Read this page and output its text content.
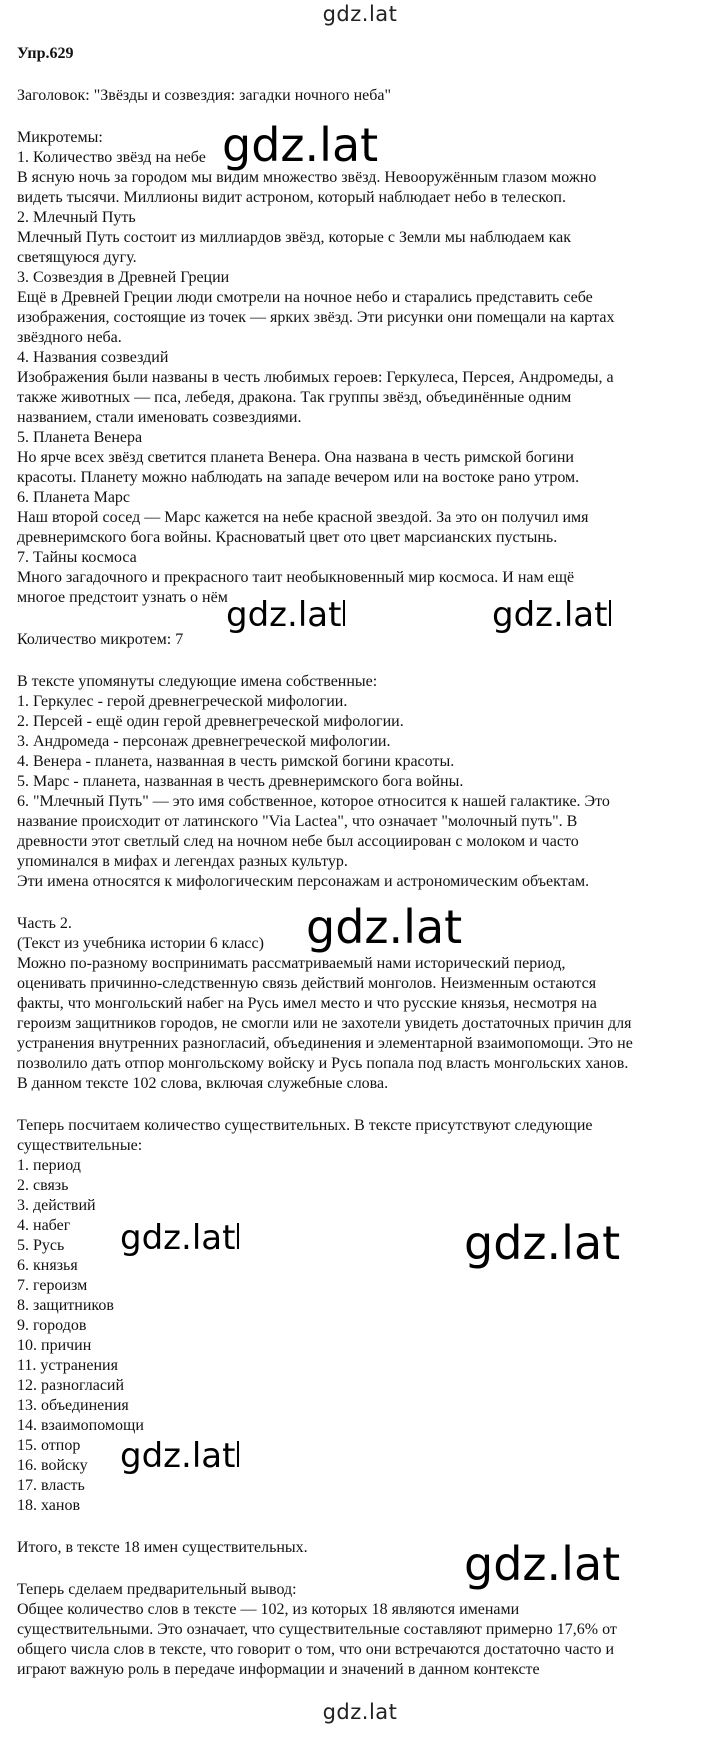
gdz.lat

Упр.629

Заголовок: "Звёзды и созвездия: загадки ночного неба"

Микротемы:

1. Количество звёзд на небе

В ясную ночь за городом мы видим множество звёзд. Невооружённым глазом можно

видеть тысячи. Миллионы видит астроном, который наблюдает небо в телескоп.

2. Млечный Путь

Млечный Путь состоит из миллиардов звёзд, которые с Земли мы наблюдаем как

светящуюся дугу.

3. Созвездия в Древней Греции

Ещё в Древней Греции люди смотрели на ночное небо и старались представить себе

изображения, состоящие из точек — ярких звёзд. Эти рисунки они помещали на картах

звёздного неба.

4. Названия созвездий

Изображения были названы в честь любимых героев: Геркулеса, Персея, Андромеды, а

также животных — пса, лебедя, дракона. Так группы звёзд, объединённые одним

названием, стали именовать созвездиями.

5. Планета Венера

Но ярче всех звёзд светится планета Венера. Она названа в честь римской богини

красоты. Планету можно наблюдать на западе вечером или на востоке рано утром.

6. Планета Марс

Наш второй сосед — Марс кажется на небе красной звездой. За это он получил имя

древнеримского бога войны. Красноватый цвет ото цвет марсианских пустынь.

7. Тайны космоса

Много загадочного и прекрасного таит необыкновенный мир космоса. И нам ещё

многое предстоит узнать о нём

Количество микротем: 7

В тексте упомянуты следующие имена собственные:

1. Геркулес - герой древнегреческой мифологии.

2. Персей - ещё один герой древнегреческой мифологии.

3. Андромеда - персонаж древнегреческой мифологии.

4. Венера - планета, названная в честь римской богини красоты.

5. Марс - планета, названная в честь древнеримского бога войны.

6. "Млечный Путь" — это имя собственное, которое относится к нашей галактике. Это

название происходит от латинского "Via Lactea", что означает "молочный путь". В

древности этот светлый след на ночном небе был ассоциирован с молоком и часто

упоминался в мифах и легендах разных культур.

Эти имена относятся к мифологическим персонажам и астрономическим объектам.

Часть 2.

(Текст из учебника истории 6 класс)

Можно по-разному воспринимать рассматриваемый нами исторический период,

оценивать причинно-следственную связь действий монголов. Неизменным остаются

факты, что монгольский набег на Русь имел место и что русские князья, несмотря на

героизм защитников городов, не смогли или не захотели увидеть достаточных причин для

устранения внутренних разногласий, объединения и элементарной взаимопомощи. Это не

позволило дать отпор монгольскому войску и Русь попала под власть монгольских ханов.

В данном тексте 102 слова, включая служебные слова.

Теперь посчитаем количество существительных. В тексте присутствуют следующие

существительные:

1. период

2. связь

3. действий

4. набег

5. Русь

6. князья

7. героизм

8. защитников

9. городов

10. причин

11. устранения

12. разногласий

13. объединения

14. взаимопомощи

15. отпор

16. войску

17. власть

18. ханов

Итого, в тексте 18 имен существительных.

Теперь сделаем предварительный вывод:

Общее количество слов в тексте — 102, из которых 18 являются именами

существительными. Это означает, что существительные составляют примерно 17,6% от

общего числа слов в тексте, что говорит о том, что они встречаются достаточно часто и

играют важную роль в передаче информации и значений в данном контексте

gdz.lat
gdz.lat	gdz.lat
gdz.lat
gdz.lat	gdz.lat
gdz.lat
gdz.lat
gdz.lat
